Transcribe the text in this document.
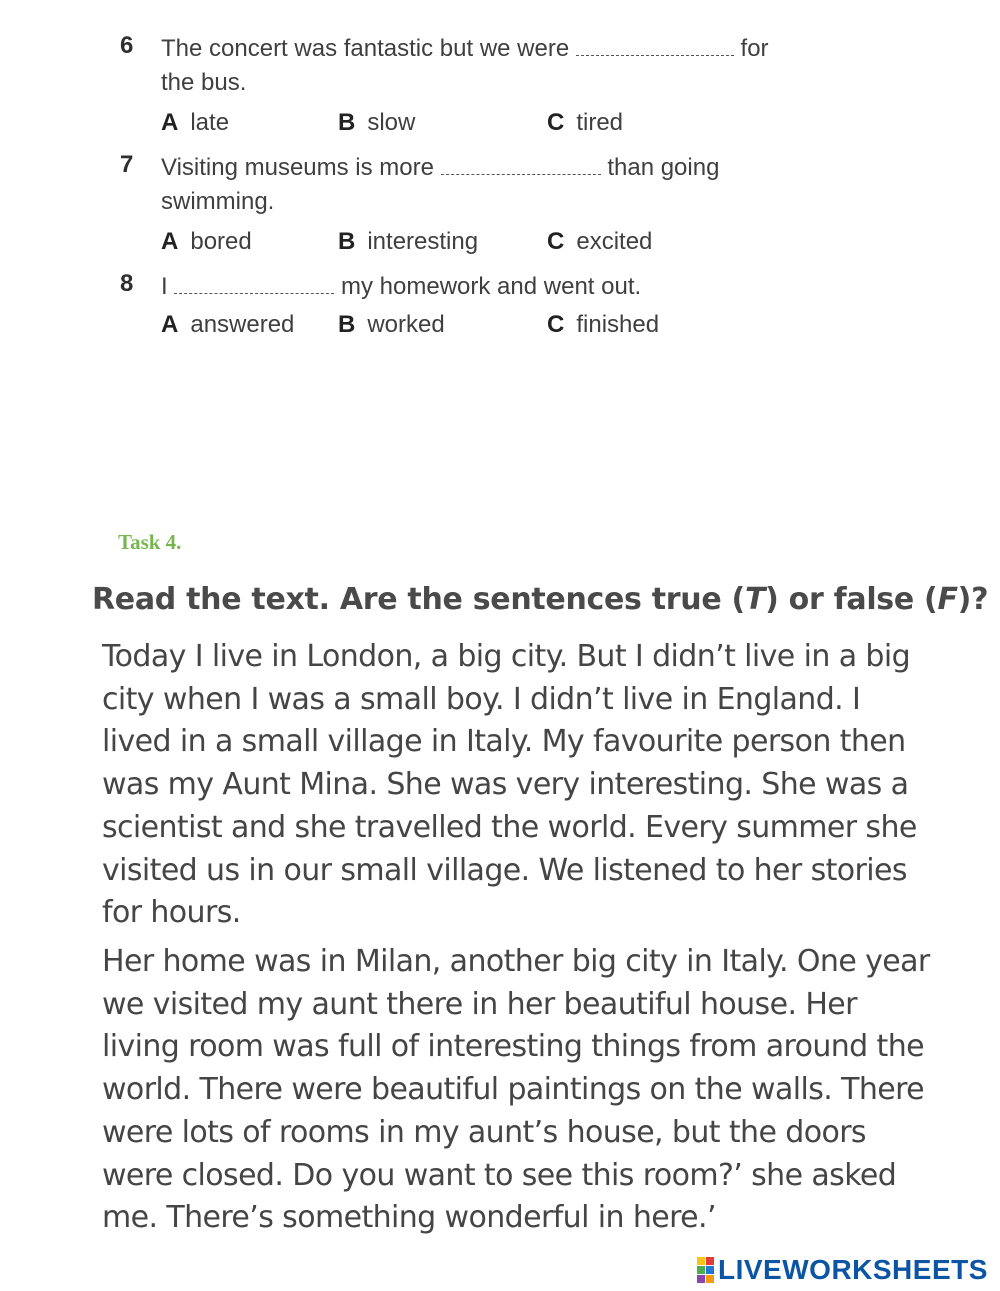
6 The concert was fantastic but we were	for the bus.
A late	B slow	C tired
7 Visiting museums is more	than going swimming.
A bored	B interesting	C excited
8 I	my homework and went out.
A answered B worked	C finished
Task 4.
Read the text. Are the sentences true (T) or false (F)?
Today I live in London, a big city. But I didn’t live in a big city when I was a small boy. I didn’t live in England. I lived in a small village in Italy. My favourite person then was my Aunt Mina. She was very interesting. She was a scientist and she travelled the world. Every summer she visited us in our small village. We listened to her stories for hours.
Her home was in Milan, another big city in Italy. One year we visited my aunt there in her beautiful house. Her living room was full of interesting things from around the world. There were beautiful paintings on the walls. There were lots of rooms in my aunt’s house, but the doors were closed. Do you want to see this room?’ she asked me. There’s something wonderful in here.’
LIVEWORKSHEETS
